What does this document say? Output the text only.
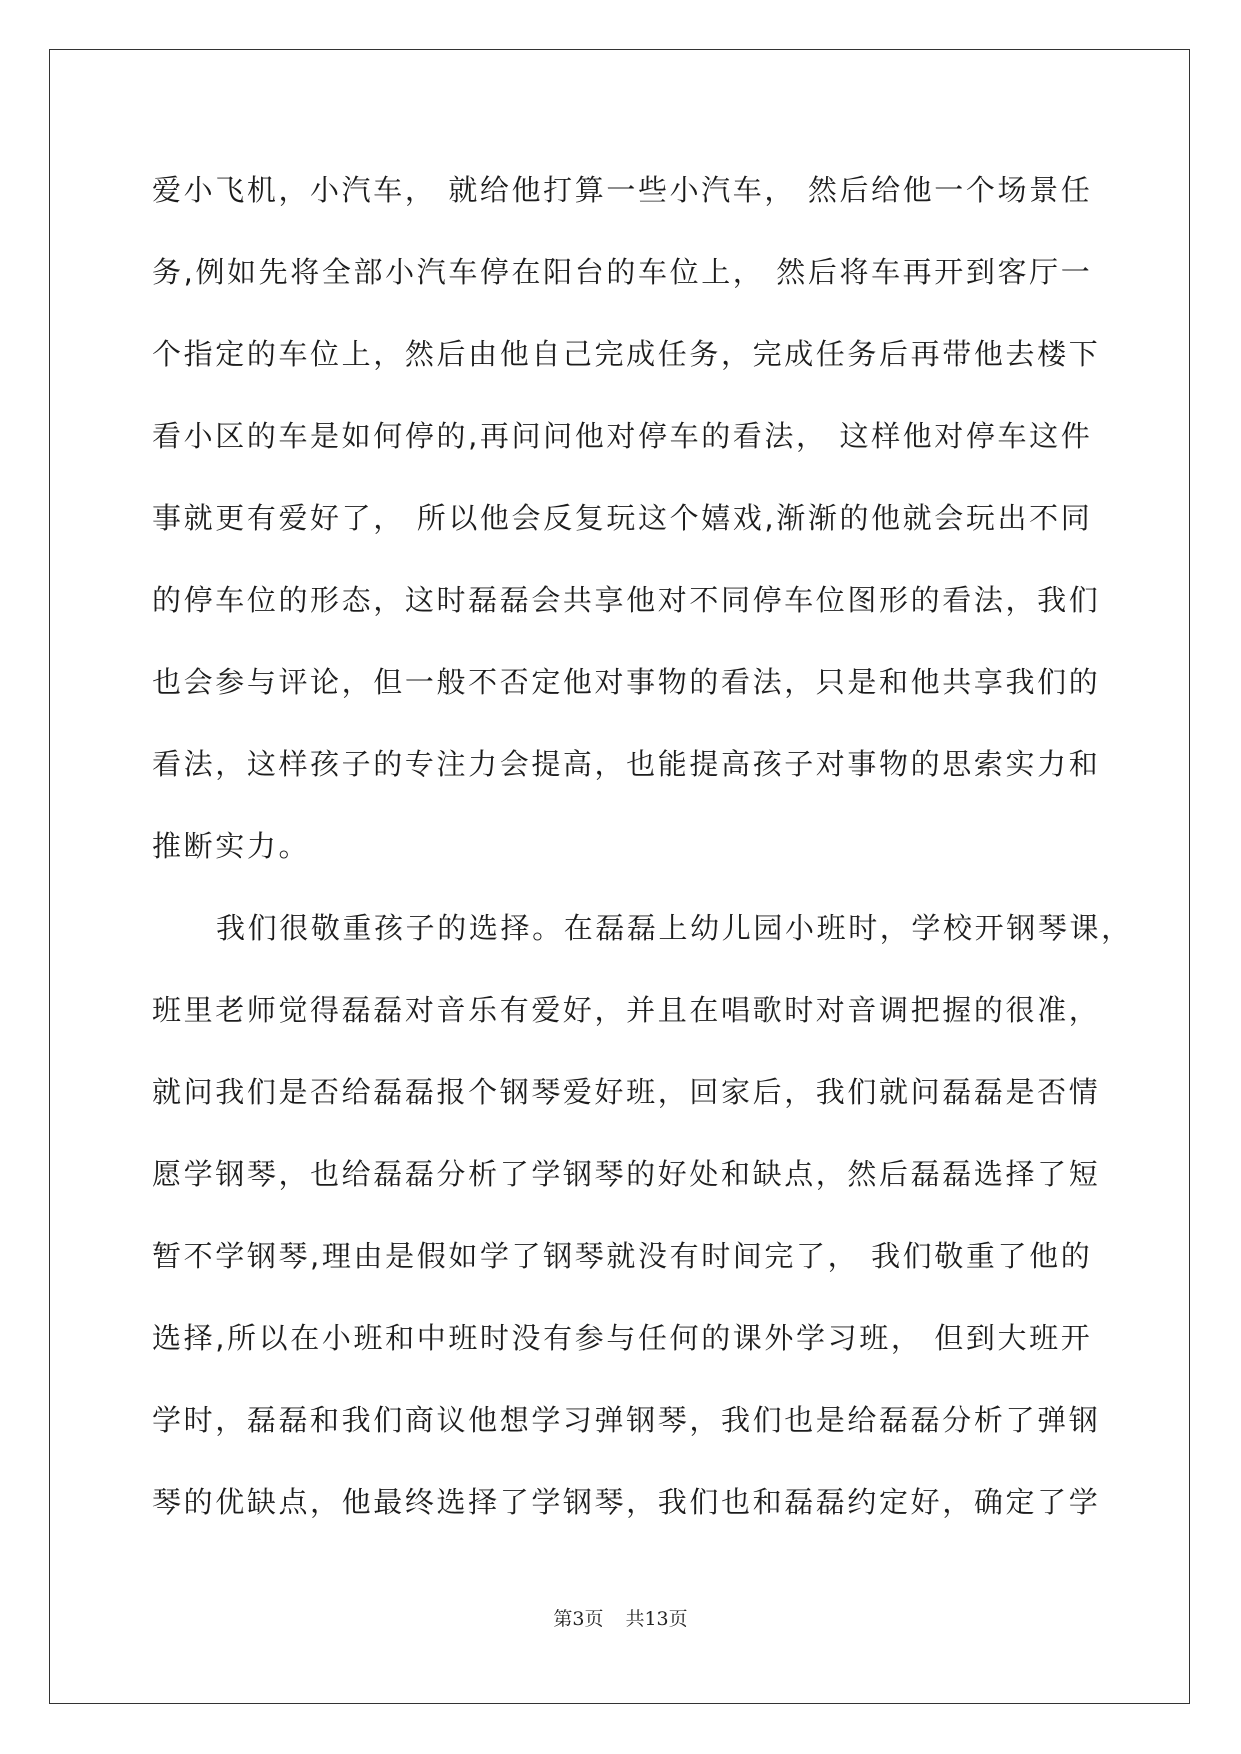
爱小飞机，小汽车， 就给他打算一些小汽车， 然后给他一个场景任
务,例如先将全部小汽车停在阳台的车位上， 然后将车再开到客厅一
个指定的车位上，然后由他自己完成任务，完成任务后再带他去楼下
看小区的车是如何停的,再问问他对停车的看法， 这样他对停车这件
事就更有爱好了， 所以他会反复玩这个嬉戏,渐渐的他就会玩出不同
的停车位的形态，这时磊磊会共享他对不同停车位图形的看法，我们
也会参与评论，但一般不否定他对事物的看法，只是和他共享我们的
看法，这样孩子的专注力会提高，也能提高孩子对事物的思索实力和
推断实力。
我们很敬重孩子的选择。在磊磊上幼儿园小班时，学校开钢琴课，
班里老师觉得磊磊对音乐有爱好，并且在唱歌时对音调把握的很准，
就问我们是否给磊磊报个钢琴爱好班，回家后，我们就问磊磊是否情
愿学钢琴，也给磊磊分析了学钢琴的好处和缺点，然后磊磊选择了短
暂不学钢琴,理由是假如学了钢琴就没有时间完了， 我们敬重了他的
选择,所以在小班和中班时没有参与任何的课外学习班， 但到大班开
学时，磊磊和我们商议他想学习弹钢琴，我们也是给磊磊分析了弹钢
琴的优缺点，他最终选择了学钢琴，我们也和磊磊约定好，确定了学
第3页 共13页
